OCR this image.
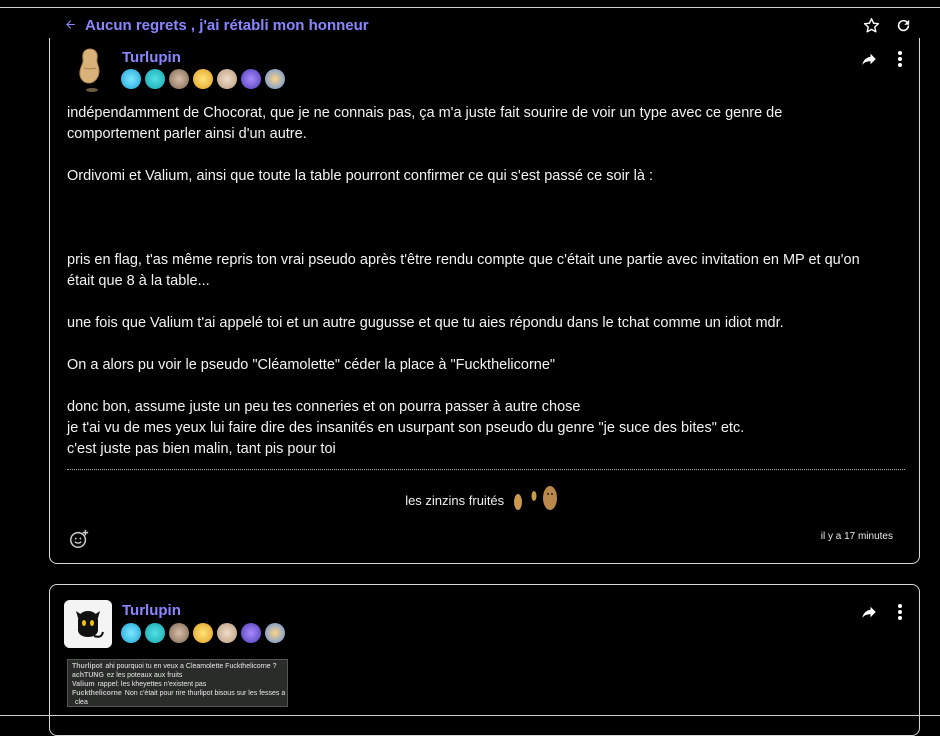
Aucun regrets , j'ai rétabli mon honneur
Turlupin

indépendamment de Chocorat, que je ne connais pas, ça m'a juste fait sourire de voir un type avec ce genre de comportement parler ainsi d'un autre.

Ordivomi et Valium, ainsi que toute la table pourront confirmer ce qui s'est passé ce soir là :

pris en flag, t'as même repris ton vrai pseudo après t'être rendu compte que c'était une partie avec invitation en MP et qu'on était que 8 à la table...

une fois que Valium t'ai appelé toi et un autre gugusse et que tu aies répondu dans le tchat comme un idiot mdr.

On a alors pu voir le pseudo "Cléamolette" céder la place à "Fuckthelicorne"

donc bon, assume juste un peu tes conneries et on pourra passer à autre chose

je t'ai vu de mes yeux lui faire dire des insanités en usurpant son pseudo du genre "je suce des bites" etc.

c'est juste pas bien malin, tant pis pour toi

les zinzins fruités
il y a 17 minutes
Turlupin
Thurlipot ahi pourquoi tu en veux a Cleamolette Fuckthelicorne ?
achTUNG ez les poteaux aux fruits
Valium rappel: les kheyettes n'existent pas
Fuckthelicorne Non c'était pour rire thurlipot bisous sur les fesses a
clea
